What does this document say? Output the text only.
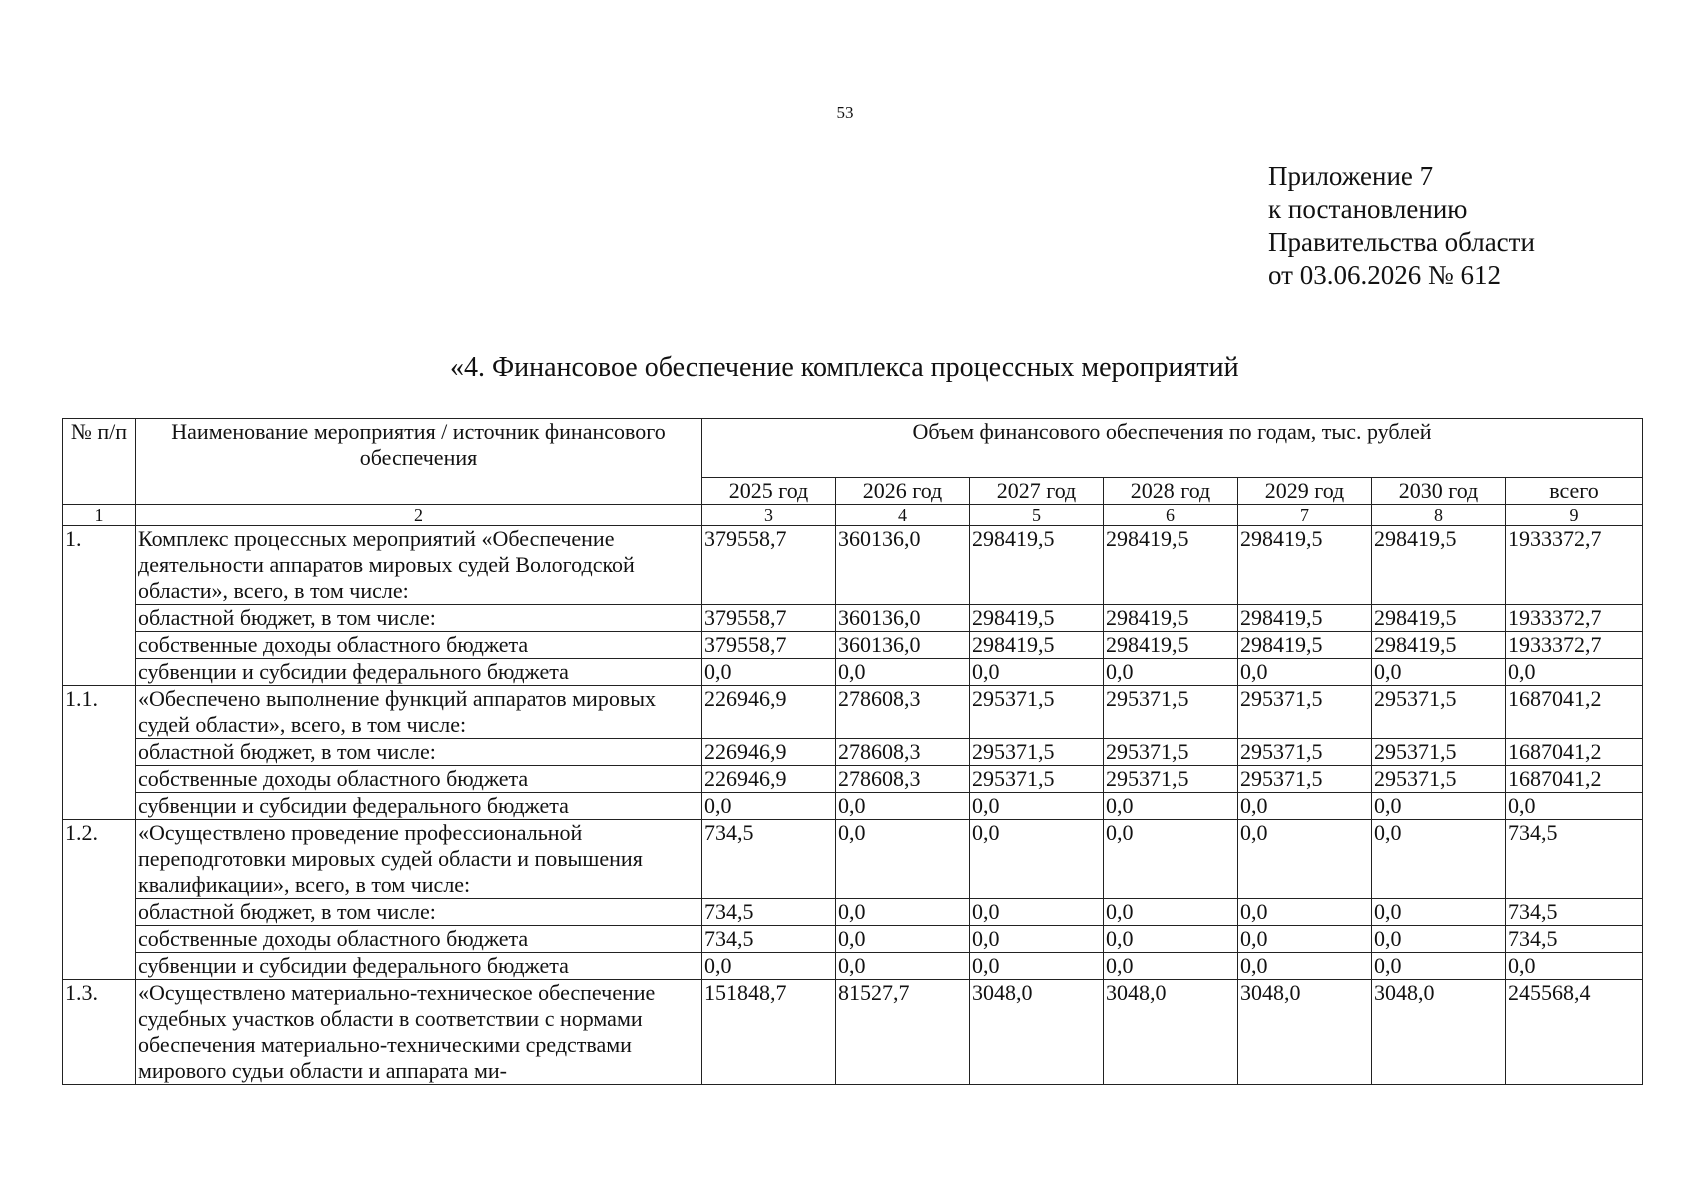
53
Приложение 7
к постановлению
Правительства области
от 03.06.2026 № 612
«4. Финансовое обеспечение комплекса процессных мероприятий
№ п/п	Наименование мероприятия / источник финансового обеспечения	Объем финансового обеспечения по годам, тыс. рублей						
		2025 год	2026 год	2027 год	2028 год	2029 год	2030 год	всего
1	2	3	4	5	6	7	8	9
1.	Комплекс процессных мероприятий «Обеспечение деятельности аппаратов мировых судей Вологодской области», всего, в том числе:	379558,7	360136,0	298419,5	298419,5	298419,5	298419,5	1933372,7
	областной бюджет, в том числе:	379558,7	360136,0	298419,5	298419,5	298419,5	298419,5	1933372,7
	собственные доходы областного бюджета	379558,7	360136,0	298419,5	298419,5	298419,5	298419,5	1933372,7
	субвенции и субсидии федерального бюджета	0,0	0,0	0,0	0,0	0,0	0,0	0,0
1.1.	«Обеспечено выполнение функций аппаратов мировых судей области», всего, в том числе:	226946,9	278608,3	295371,5	295371,5	295371,5	295371,5	1687041,2
	областной бюджет, в том числе:	226946,9	278608,3	295371,5	295371,5	295371,5	295371,5	1687041,2
	собственные доходы областного бюджета	226946,9	278608,3	295371,5	295371,5	295371,5	295371,5	1687041,2
	субвенции и субсидии федерального бюджета	0,0	0,0	0,0	0,0	0,0	0,0	0,0
1.2.	«Осуществлено проведение профессиональной переподготовки мировых судей области и повышения квалификации», всего, в том числе:	734,5	0,0	0,0	0,0	0,0	0,0	734,5
	областной бюджет, в том числе:	734,5	0,0	0,0	0,0	0,0	0,0	734,5
	собственные доходы областного бюджета	734,5	0,0	0,0	0,0	0,0	0,0	734,5
	субвенции и субсидии федерального бюджета	0,0	0,0	0,0	0,0	0,0	0,0	0,0
1.3.	«Осуществлено материально-техническое обеспечение судебных участков области в соответствии с нормами обеспечения материально-техническими средствами мирового судьи области и аппарата ми-	151848,7	81527,7	3048,0	3048,0	3048,0	3048,0	245568,4
